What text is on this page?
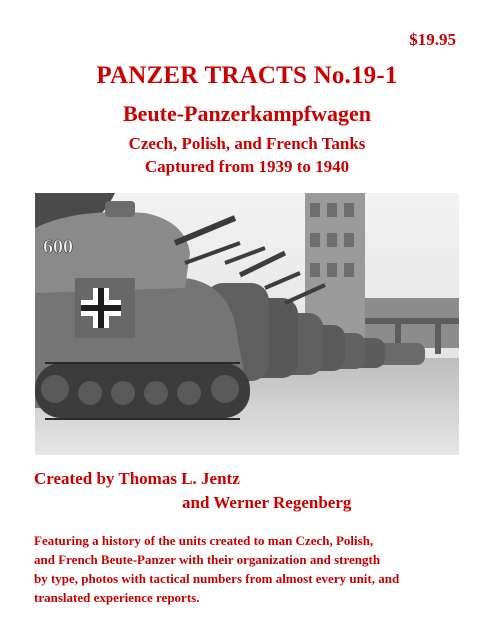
$19.95
PANZER TRACTS No.19-1
Beute-Panzerkampfwagen
Czech, Polish, and French Tanks
Captured from 1939 to 1940
600
Created by Thomas L. Jentz
and Werner Regenberg
Featuring a history of the units created to man Czech, Polish,
and French Beute-Panzer with their organization and strength
by type, photos with tactical numbers from almost every unit, and
translated experience reports.
